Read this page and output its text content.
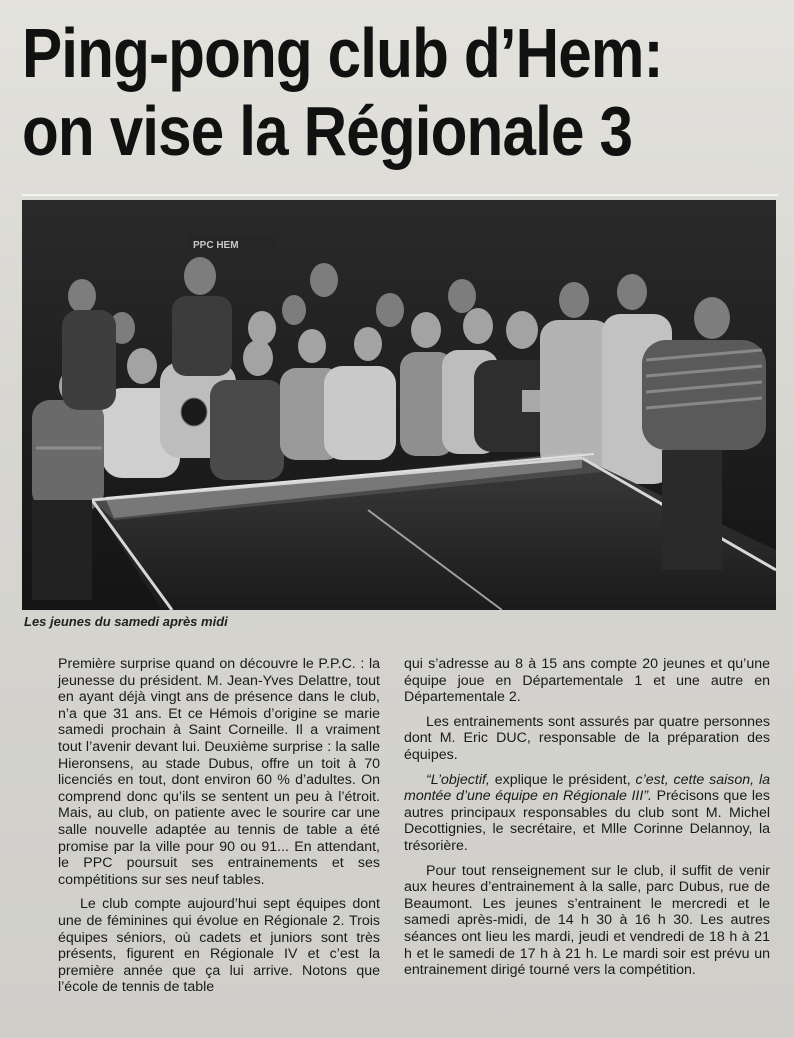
Ping-pong club d’Hem:
on vise la Régionale 3
PPC HEM
Les jeunes du samedi après midi

Première surprise quand on découvre le P.P.C. : la jeunesse du président. M. Jean-Yves Delattre, tout en ayant déjà vingt ans de présence dans le club, n’a que 31 ans. Et ce Hémois d’origine se marie samedi prochain à Saint Corneille. Il a vraiment tout l’avenir devant lui. Deuxième surprise : la salle Hieronsens, au stade Dubus, offre un toit à 70 licenciés en tout, dont environ 60 % d’adultes. On comprend donc qu’ils se sentent un peu à l’étroit. Mais, au club, on patiente avec le sourire car une salle nouvelle adaptée au tennis de table a été promise par la ville pour 90 ou 91... En attendant, le PPC poursuit ses entrainements et ses compétitions sur ses neuf tables.

Le club compte aujourd’hui sept équipes dont une de féminines qui évolue en Régionale 2. Trois équipes séniors, où cadets et juniors sont très présents, figurent en Régionale IV et c’est la première année que ça lui arrive. Notons que l’école de tennis de table

qui s’adresse au 8 à 15 ans compte 20 jeunes et qu’une équipe joue en Départementale 1 et une autre en Départementale 2.

Les entrainements sont assurés par quatre personnes dont M. Eric DUC, responsable de la préparation des équipes.

“L’objectif, explique le président, c’est, cette saison, la montée d’une équipe en Régionale III”. Précisons que les autres principaux responsables du club sont M. Michel Decottignies, le secrétaire, et Mlle Corinne Delannoy, la trésorière.

Pour tout renseignement sur le club, il suffit de venir aux heures d’entrainement à la salle, parc Dubus, rue de Beaumont. Les jeunes s’entrainent le mercredi et le samedi après-midi, de 14 h 30 à 16 h 30. Les autres séances ont lieu les mardi, jeudi et vendredi de 18 h à 21 h et le samedi de 17 h à 21 h. Le mardi soir est prévu un entrainement dirigé tourné vers la compétition.
